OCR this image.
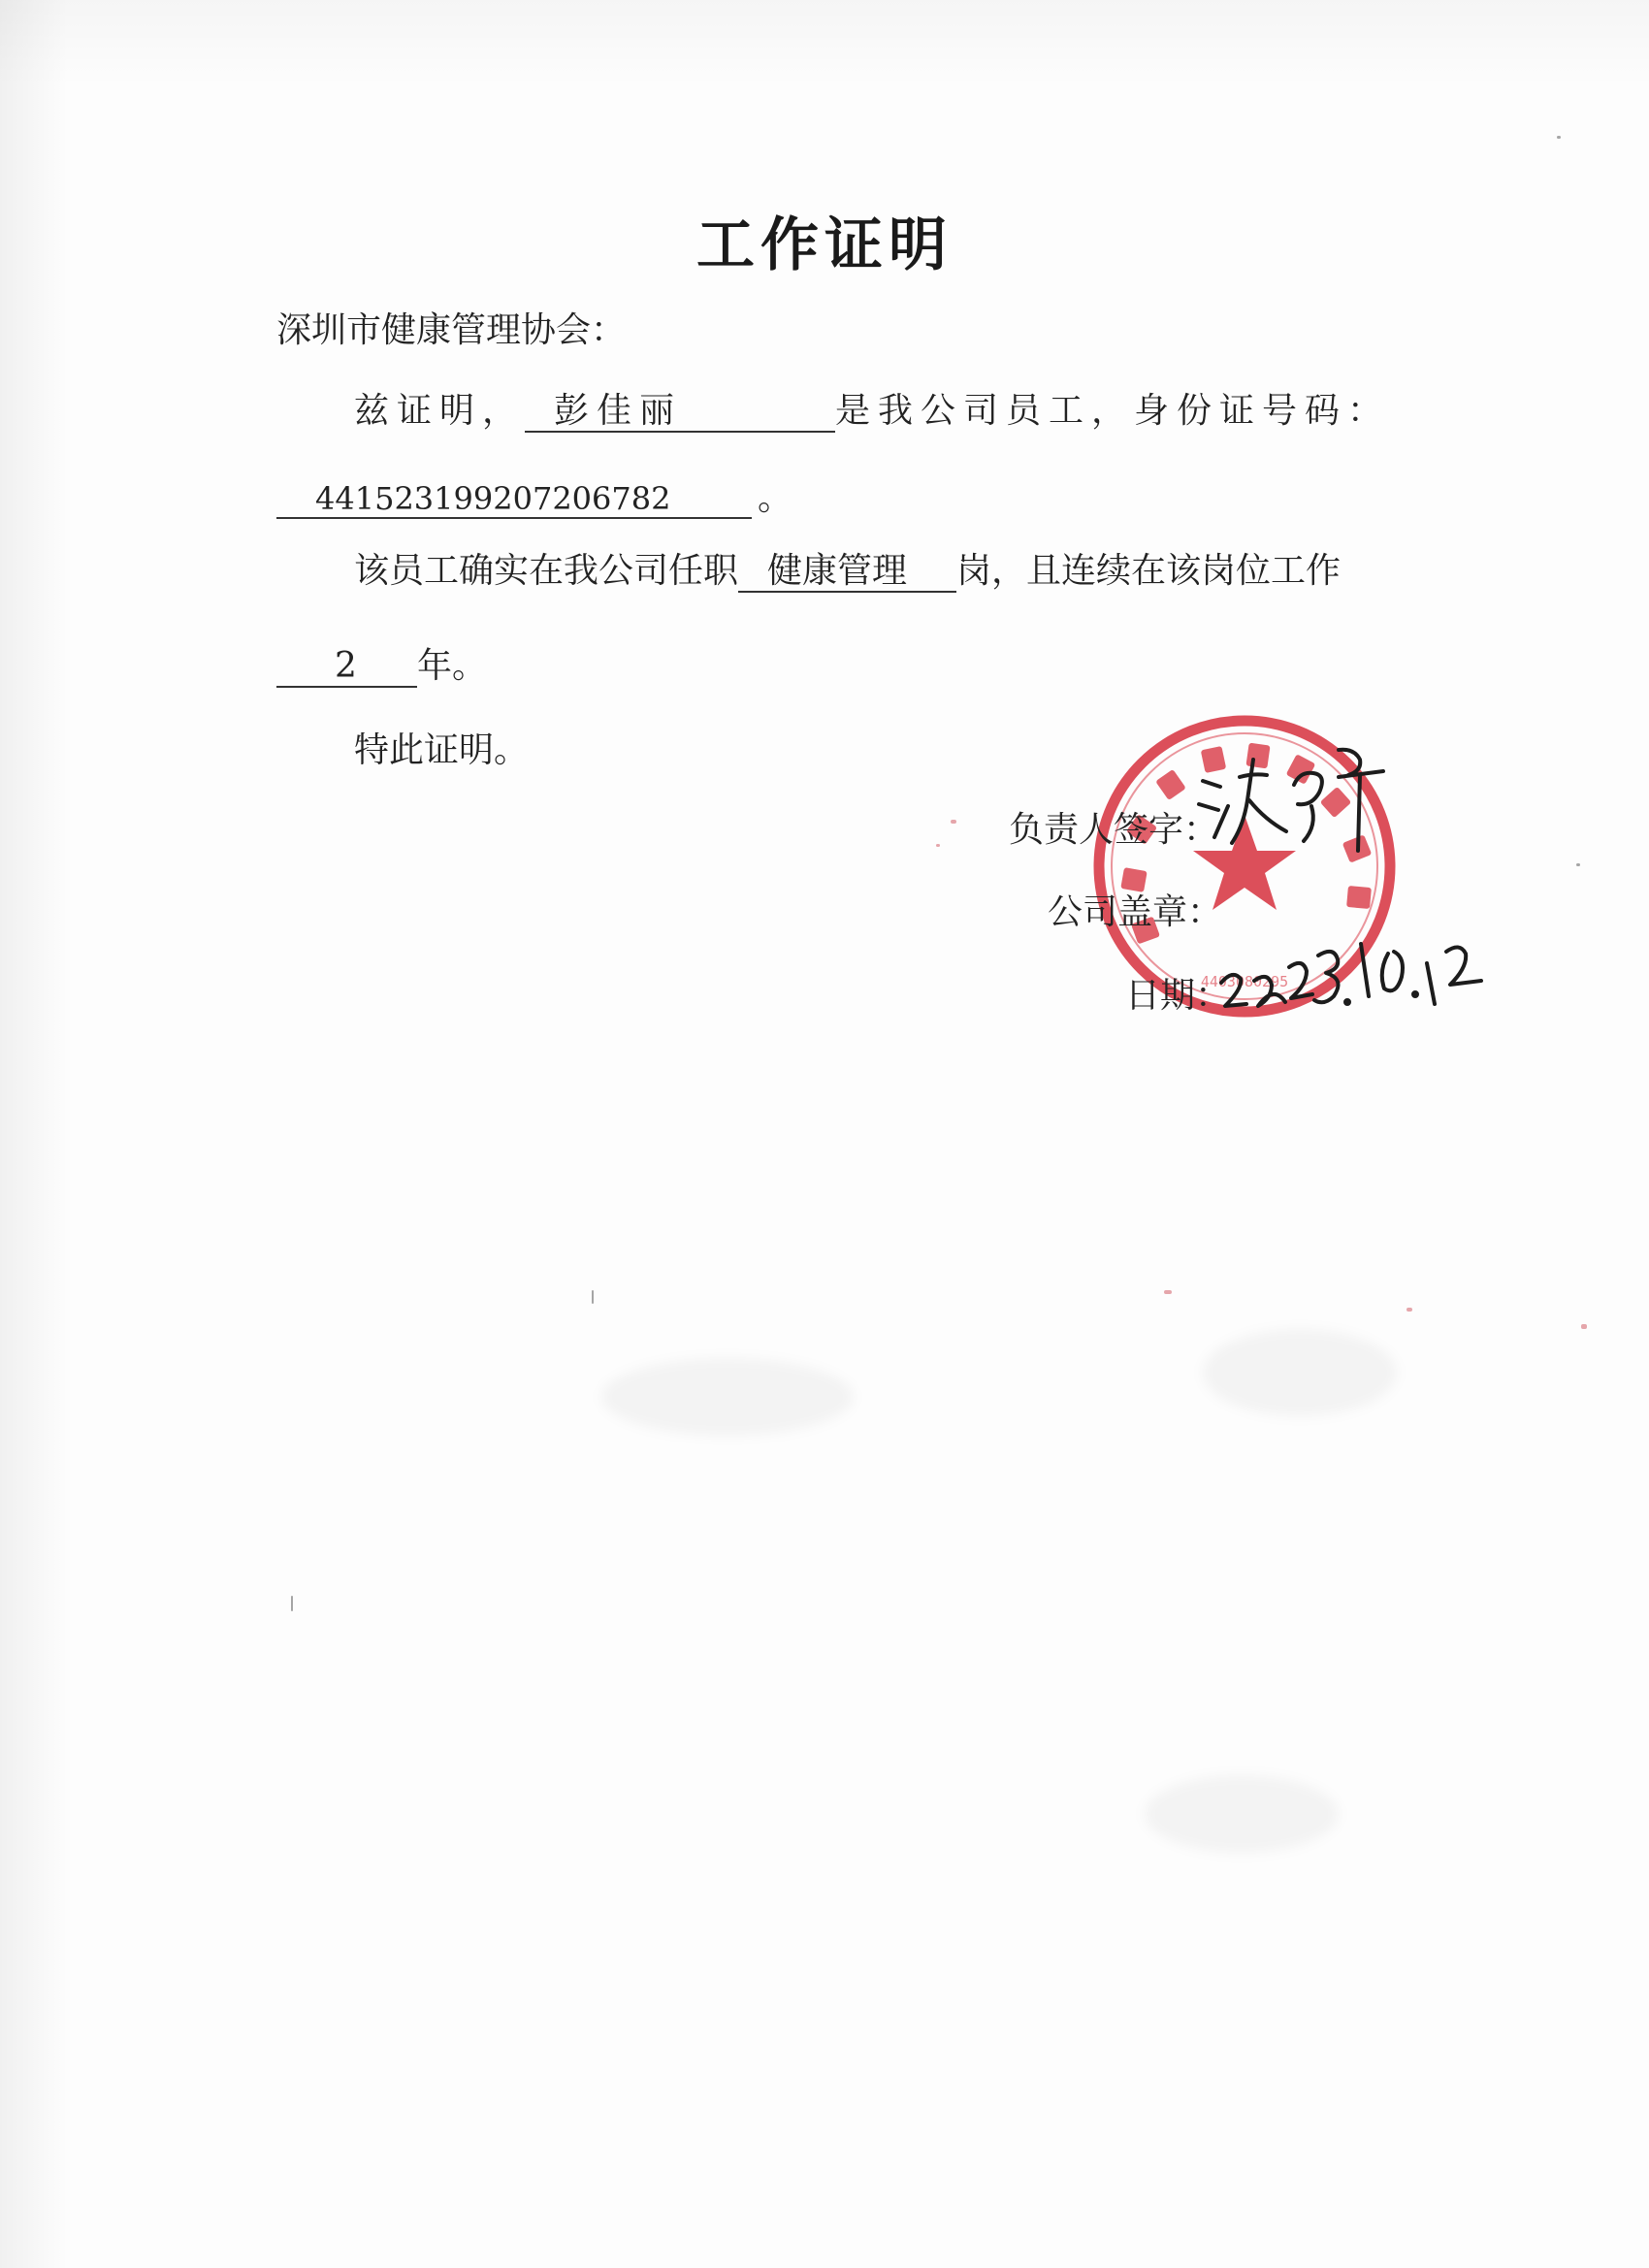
工作证明
深圳市健康管理协会：
兹证明， 彭佳丽	是我公司员工，身份证号码：
441523199207206782 。
该员工确实在我公司任职 健康管理 岗，且连续在该岗位工作
2 年。
特此证明。
4403080295
负责人签字：
公司盖章：
日期：
